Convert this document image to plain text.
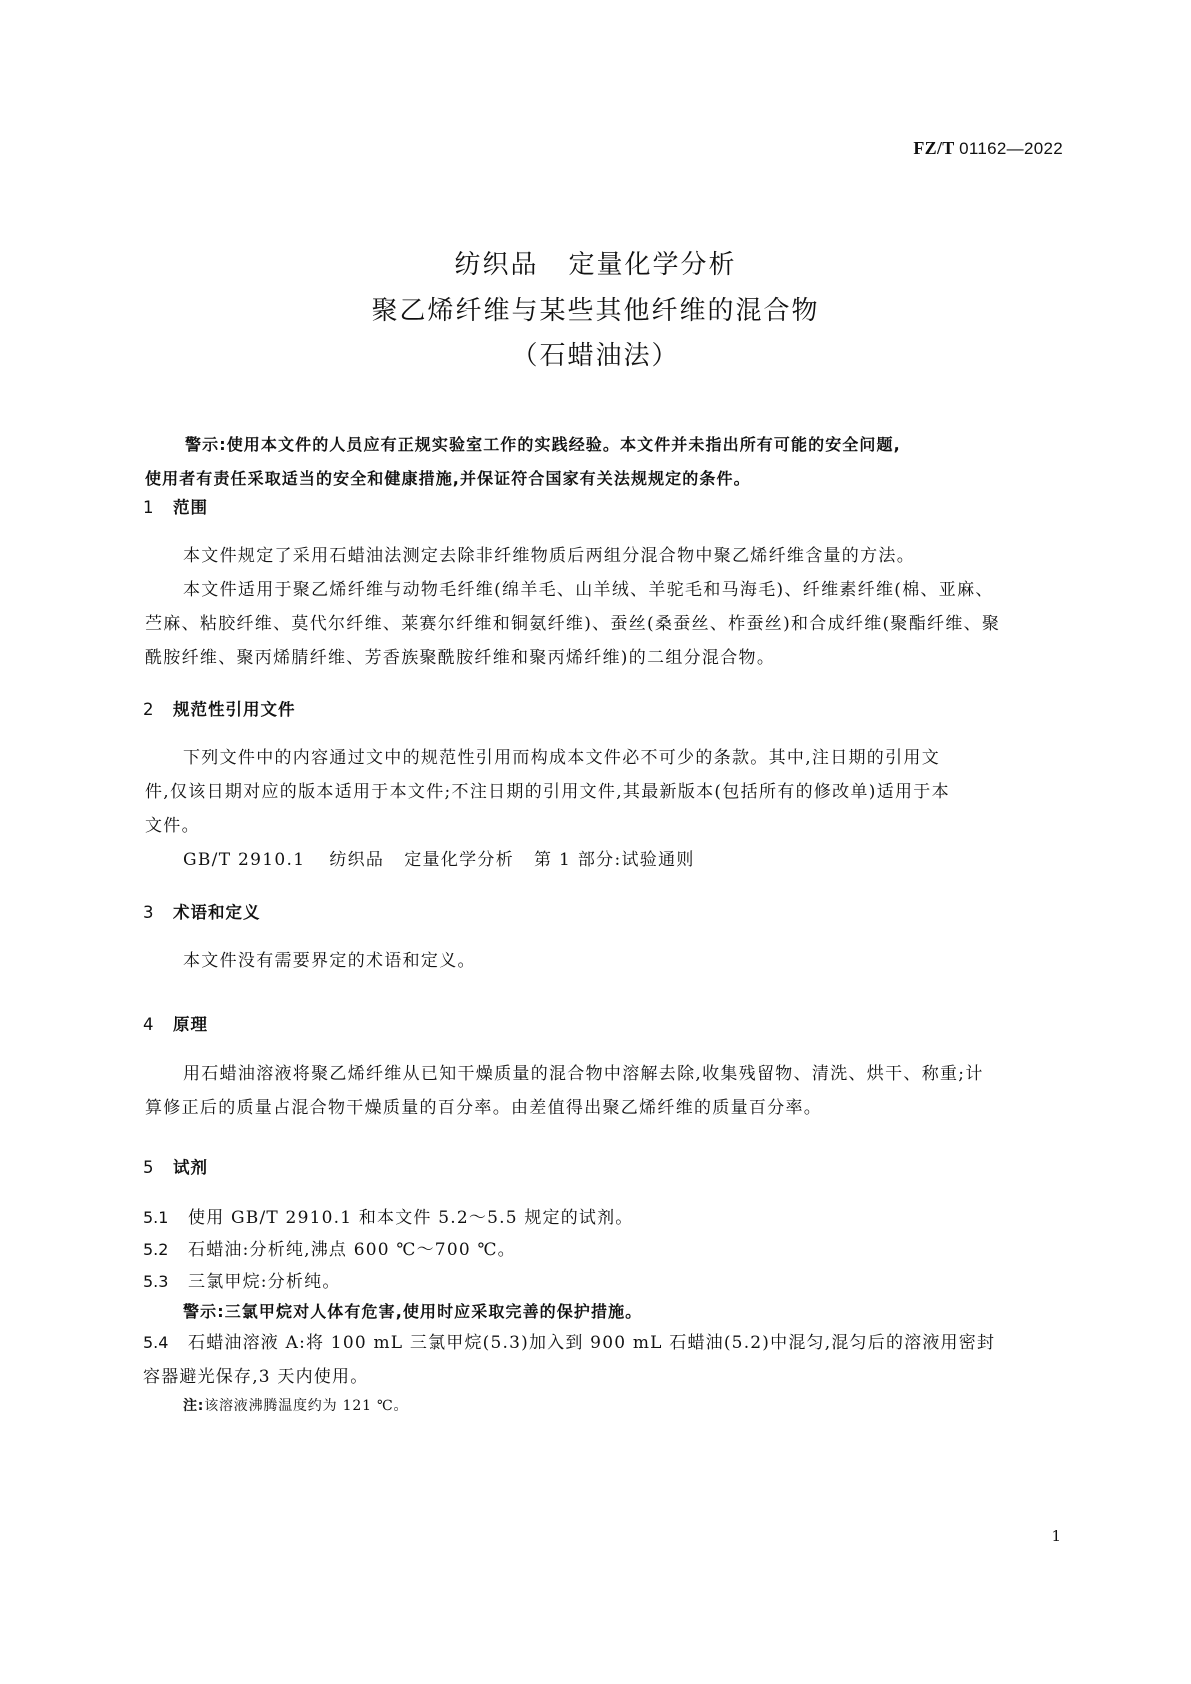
FZ/T 01162—2022
纺织品 定量化学分析
聚乙烯纤维与某些其他纤维的混合物
（石蜡油法）
警示:使用本文件的人员应有正规实验室工作的实践经验。本文件并未指出所有可能的安全问题,
使用者有责任采取适当的安全和健康措施,并保证符合国家有关法规规定的条件。
1 范围
本文件规定了采用石蜡油法测定去除非纤维物质后两组分混合物中聚乙烯纤维含量的方法。
本文件适用于聚乙烯纤维与动物毛纤维(绵羊毛、山羊绒、羊驼毛和马海毛)、纤维素纤维(棉、亚麻、
苎麻、粘胶纤维、莫代尔纤维、莱赛尔纤维和铜氨纤维)、蚕丝(桑蚕丝、柞蚕丝)和合成纤维(聚酯纤维、聚
酰胺纤维、聚丙烯腈纤维、芳香族聚酰胺纤维和聚丙烯纤维)的二组分混合物。
2 规范性引用文件
下列文件中的内容通过文中的规范性引用而构成本文件必不可少的条款。其中,注日期的引用文
件,仅该日期对应的版本适用于本文件;不注日期的引用文件,其最新版本(包括所有的修改单)适用于本
文件。
GB/T 2910.1 纺织品 定量化学分析 第 1 部分:试验通则
3 术语和定义
本文件没有需要界定的术语和定义。
4 原理
用石蜡油溶液将聚乙烯纤维从已知干燥质量的混合物中溶解去除,收集残留物、清洗、烘干、称重;计
算修正后的质量占混合物干燥质量的百分率。由差值得出聚乙烯纤维的质量百分率。
5 试剂
5.1 使用 GB/T 2910.1 和本文件 5.2～5.5 规定的试剂。
5.2 石蜡油:分析纯,沸点 600 ℃～700 ℃。
5.3 三氯甲烷:分析纯。
警示:三氯甲烷对人体有危害,使用时应采取完善的保护措施。
5.4 石蜡油溶液 A:将 100 mL 三氯甲烷(5.3)加入到 900 mL 石蜡油(5.2)中混匀,混匀后的溶液用密封
容器避光保存,3 天内使用。
注:该溶液沸腾温度约为 121 ℃。
1
